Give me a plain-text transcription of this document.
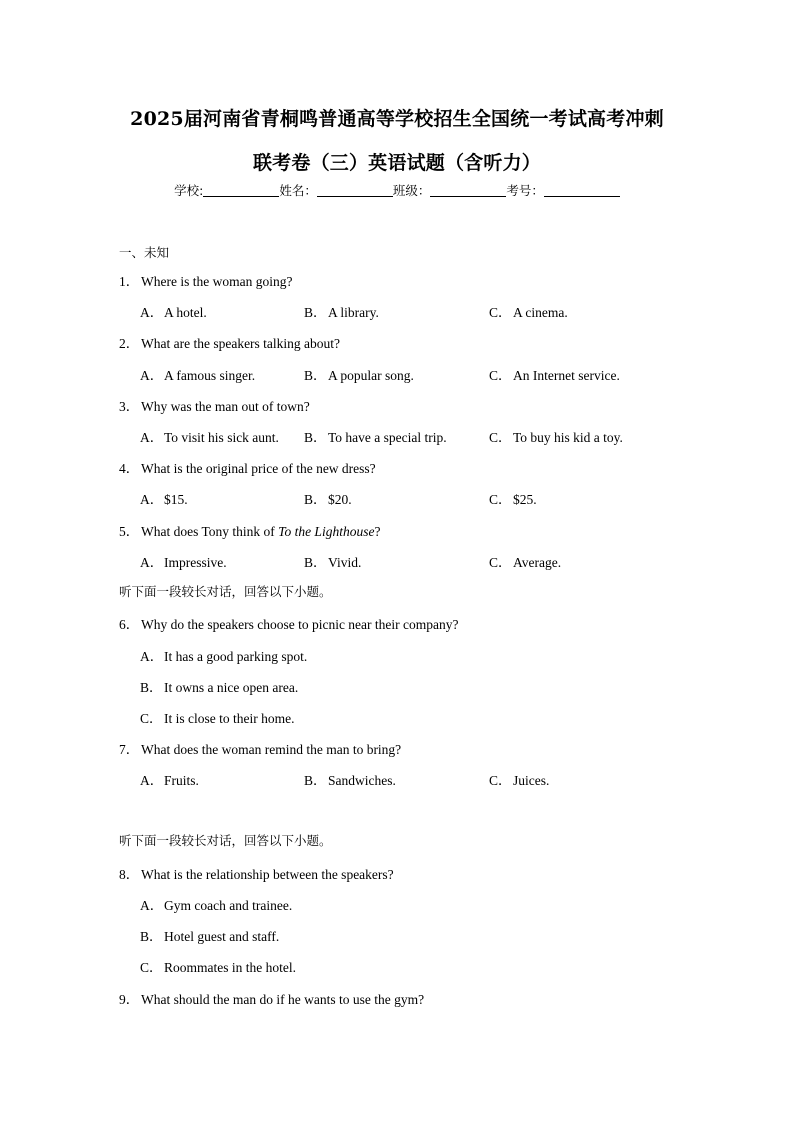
2025届河南省青桐鸣普通高等学校招生全国统一考试高考冲刺
联考卷（三）英语试题（含听力）
学校:	姓名：	班级：	考号：
一、未知
1． Where is the woman going?
A．A hotel.	B．A library.	C．A cinema.
2． What are the speakers talking about?
A．A famous singer.	B．A popular song.	C．An Internet service.
3． Why was the man out of town?
A．To visit his sick aunt. B．To have a special trip.	C．To buy his kid a toy.
4． What is the original price of the new dress?
A．$15.	B．$20.	C．$25.
5． What does Tony think of To the Lighthouse?
A．Impressive.	B．Vivid.	C．Average.
听下面一段较长对话，回答以下小题。
6． Why do the speakers choose to picnic near their company?
A．It has a good parking spot.
B．It owns a nice open area.
C．It is close to their home.
7． What does the woman remind the man to bring?
A．Fruits.	B．Sandwiches.	C．Juices.
听下面一段较长对话，回答以下小题。
8． What is the relationship between the speakers?
A．Gym coach and trainee.
B．Hotel guest and staff.
C．Roommates in the hotel.
9． What should the man do if he wants to use the gym?
